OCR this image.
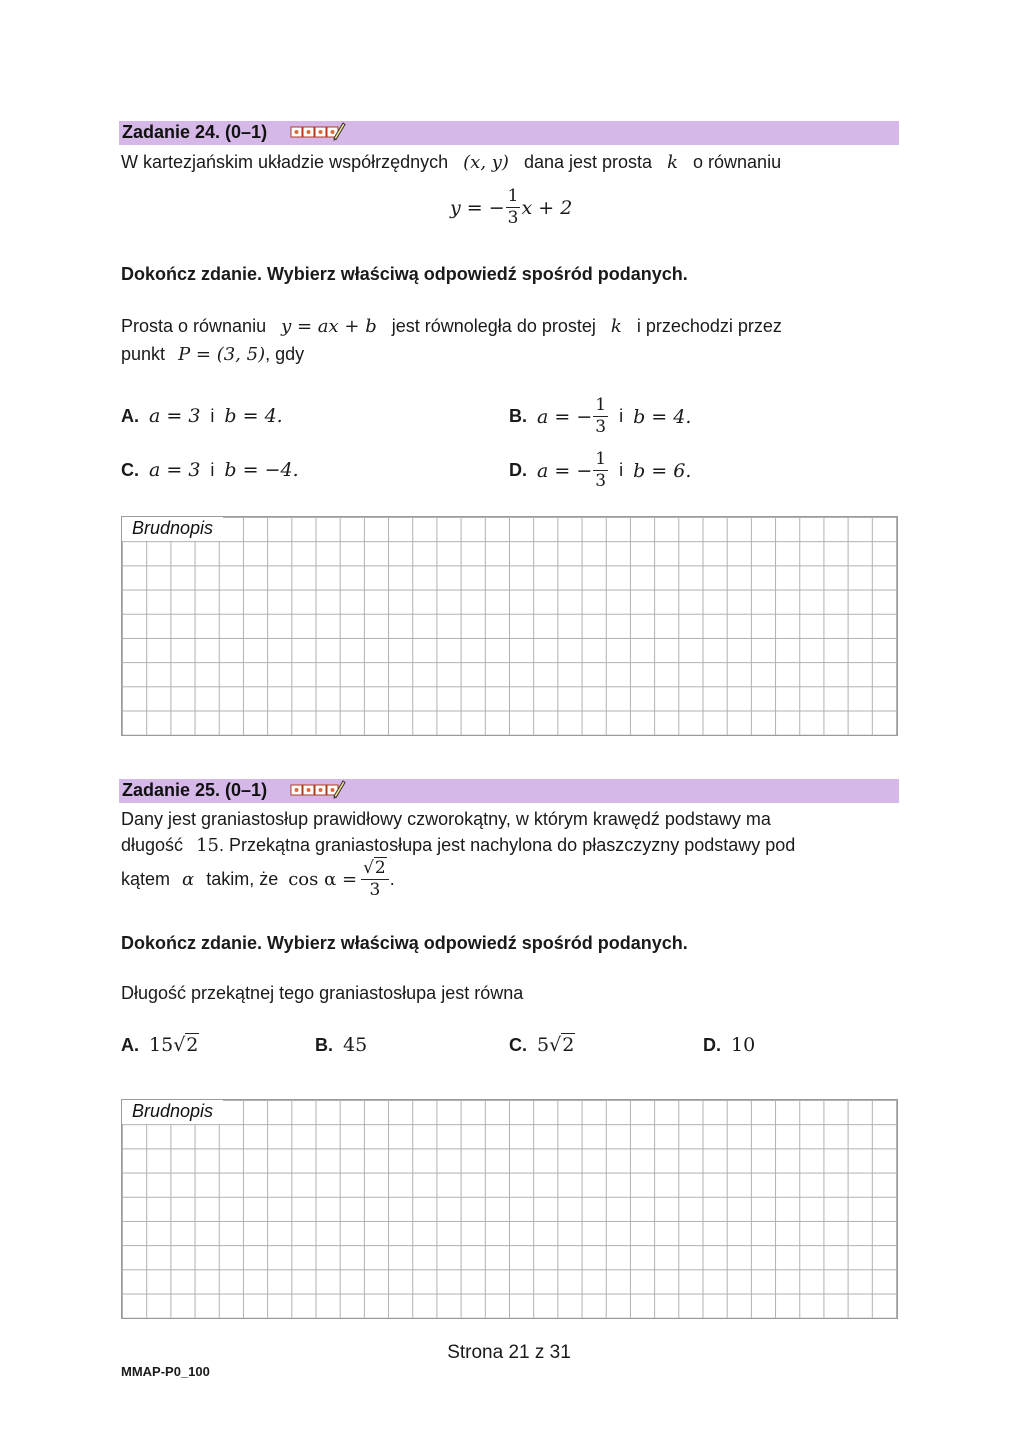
Zadanie 24. (0–1)
W kartezjańskim układzie współrzędnych (x, y) dana jest prosta k o równaniu
y = − $\frac{1}{3}$ x + 2
Dokończ zdanie. Wybierz właściwą odpowiedź spośród podanych.
Prosta o równaniu y = ax + b jest równoległa do prostej k i przechodzi przez
punkt P = (3, 5), gdy
A. a = 3 i b = 4.	B. a = − $\frac{1}{3}$ i b = 4.
C. a = 3 i b = −4.	D. a = − $\frac{1}{3}$ i b = 6.
Brudnopis
Zadanie 25. (0–1)
Dany jest graniastosłup prawidłowy czworokątny, w którym krawędź podstawy ma
długość 15. Przekątna graniastosłupa jest nachylona do płaszczyzny podstawy pod
kątem α takim, że $\cos \alpha = \frac{√2}{3}$ .
Dokończ zdanie. Wybierz właściwą odpowiedź spośród podanych.
Długość przekątnej tego graniastosłupa jest równa
A. 15√2	B. 45	C. 5√2	D. 10
Brudnopis
Strona 21 z 31
MMAP-P0_100
